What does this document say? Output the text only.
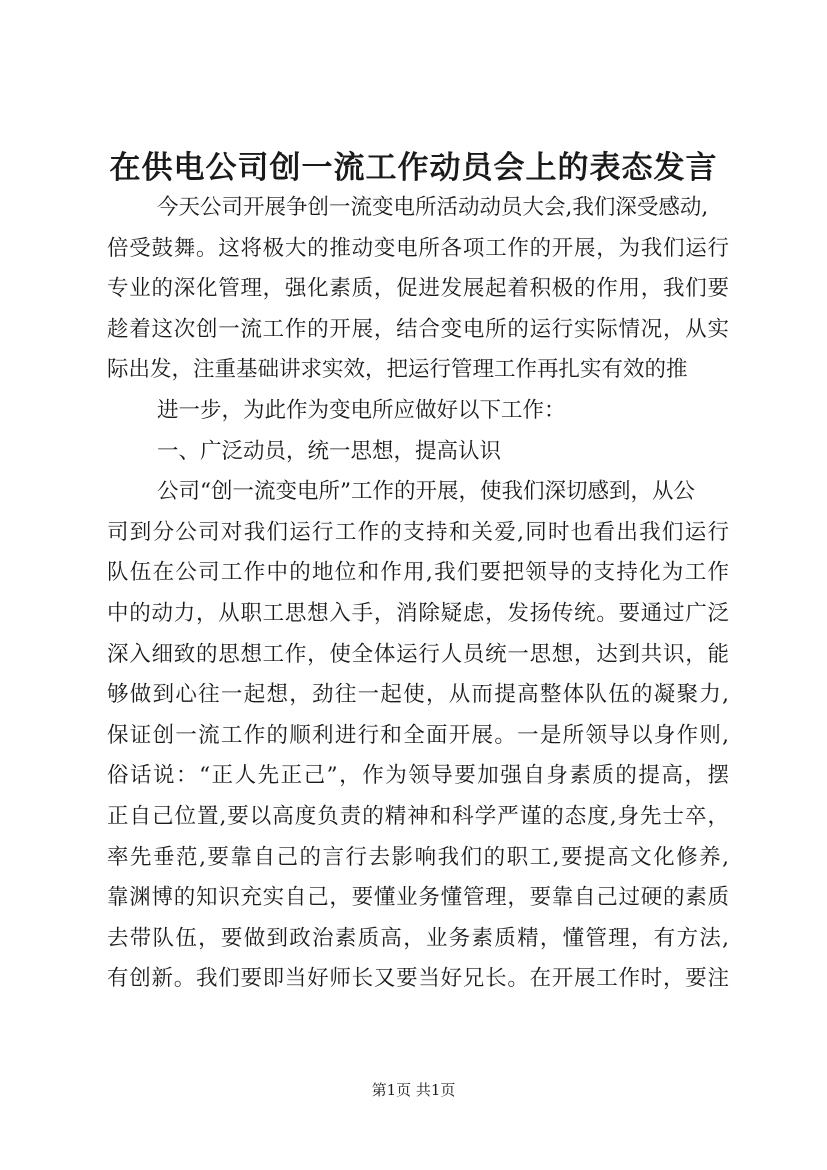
在供电公司创一流工作动员会上的表态发言
今天公司开展争创一流变电所活动动员大会,我们深受感动,
倍受鼓舞。这将极大的推动变电所各项工作的开展，为我们运行
专业的深化管理，强化素质，促进发展起着积极的作用，我们要
趁着这次创一流工作的开展，结合变电所的运行实际情况，从实
际出发，注重基础讲求实效，把运行管理工作再扎实有效的推
进一步，为此作为变电所应做好以下工作：
一、广泛动员，统一思想，提高认识
公司“创一流变电所”工作的开展，使我们深切感到，从公
司到分公司对我们运行工作的支持和关爱,同时也看出我们运行
队伍在公司工作中的地位和作用,我们要把领导的支持化为工作
中的动力，从职工思想入手，消除疑虑，发扬传统。要通过广泛
深入细致的思想工作，使全体运行人员统一思想，达到共识，能
够做到心往一起想，劲往一起使，从而提高整体队伍的凝聚力,
保证创一流工作的顺利进行和全面开展。一是所领导以身作则,
俗话说：“正人先正己”，作为领导要加强自身素质的提高，摆
正自己位置,要以高度负责的精神和科学严谨的态度,身先士卒，
率先垂范,要靠自己的言行去影响我们的职工,要提高文化修养,
靠渊博的知识充实自己，要懂业务懂管理，要靠自己过硬的素质
去带队伍，要做到政治素质高，业务素质精，懂管理，有方法,
有创新。我们要即当好师长又要当好兄长。在开展工作时，要注
第1页 共1页
